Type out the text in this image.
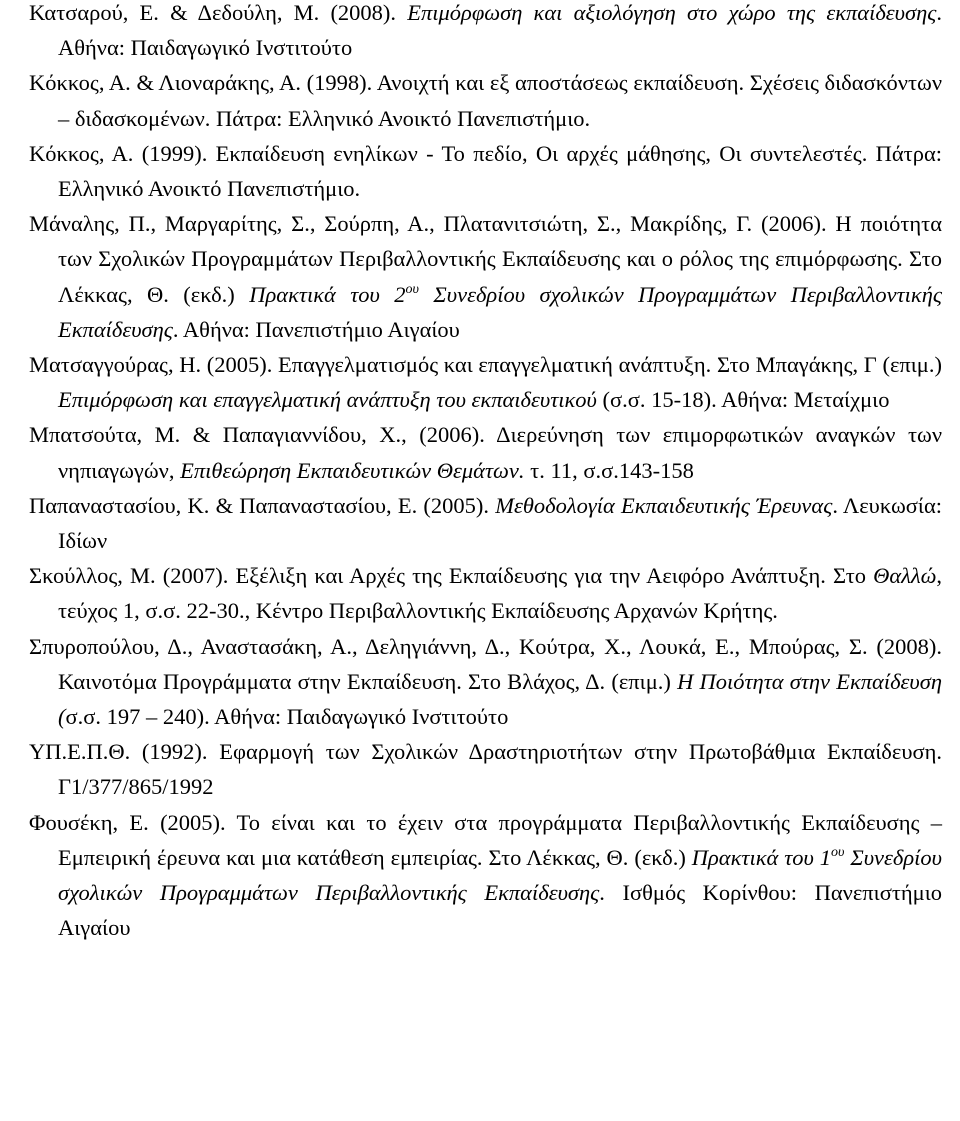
Κατσαρού, Ε. & Δεδούλη, Μ. (2008). Επιμόρφωση και αξιολόγηση στο χώρο της εκπαίδευσης. Αθήνα: Παιδαγωγικό Ινστιτούτο

Κόκκος, Α. & Λιοναράκης, Α. (1998). Ανοιχτή και εξ αποστάσεως εκπαίδευση. Σχέσεις διδασκόντων – διδασκομένων. Πάτρα: Ελληνικό Ανοικτό Πανεπιστήμιο.

Κόκκος, Α. (1999). Εκπαίδευση ενηλίκων - Το πεδίο, Οι αρχές μάθησης, Οι συντελεστές. Πάτρα: Ελληνικό Ανοικτό Πανεπιστήμιο.

Μάναλης, Π., Μαργαρίτης, Σ., Σούρπη, Α., Πλατανιτσιώτη, Σ., Μακρίδης, Γ. (2006). Η ποιότητα των Σχολικών Προγραμμάτων Περιβαλλοντικής Εκπαίδευσης και ο ρόλος της επιμόρφωσης. Στο Λέκκας, Θ. (εκδ.) Πρακτικά του $2^{o\upsilon}$ Συνεδρίου σχολικών Προγραμμάτων Περιβαλλοντικής Εκπαίδευσης. Αθήνα: Πανεπιστήμιο Αιγαίου

Ματσαγγούρας, Η. (2005). Επαγγελματισμός και επαγγελματική ανάπτυξη. Στο Μπαγάκης, Γ (επιμ.) Επιμόρφωση και επαγγελματική ανάπτυξη του εκπαιδευτικού (σ.σ. 15-18). Αθήνα: Μεταίχμιο

Μπατσούτα, Μ. & Παπαγιαννίδου, Χ., (2006). Διερεύνηση των επιμορφωτικών αναγκών των νηπιαγωγών, Επιθεώρηση Εκπαιδευτικών Θεμάτων. τ. 11, σ.σ.143-158

Παπαναστασίου, Κ. & Παπαναστασίου, Ε. (2005). Μεθοδολογία Εκπαιδευτικής Έρευνας. Λευκωσία: Ιδίων

Σκούλλος, Μ. (2007). Εξέλιξη και Αρχές της Εκπαίδευσης για την Αειφόρο Ανάπτυξη. Στο Θαλλώ, τεύχος 1, σ.σ. 22-30., Κέντρο Περιβαλλοντικής Εκπαίδευσης Αρχανών Κρήτης.

Σπυροπούλου, Δ., Αναστασάκη, Α., Δεληγιάννη, Δ., Κούτρα, Χ., Λουκά, Ε., Μπούρας, Σ. (2008). Καινοτόμα Προγράμματα στην Εκπαίδευση. Στο Βλάχος, Δ. (επιμ.) Η Ποιότητα στην Εκπαίδευση (σ.σ. 197 – 240). Αθήνα: Παιδαγωγικό Ινστιτούτο

ΥΠ.Ε.Π.Θ. (1992). Εφαρμογή των Σχολικών Δραστηριοτήτων στην Πρωτοβάθμια Εκπαίδευση. Γ1/377/865/1992

Φουσέκη, Ε. (2005). Το είναι και το έχειν στα προγράμματα Περιβαλλοντικής Εκπαίδευσης – Εμπειρική έρευνα και μια κατάθεση εμπειρίας. Στο Λέκκας, Θ. (εκδ.) Πρακτικά του $1^{o\upsilon}$ Συνεδρίου σχολικών Προγραμμάτων Περιβαλλοντικής Εκπαίδευσης. Ισθμός Κορίνθου: Πανεπιστήμιο Αιγαίου
